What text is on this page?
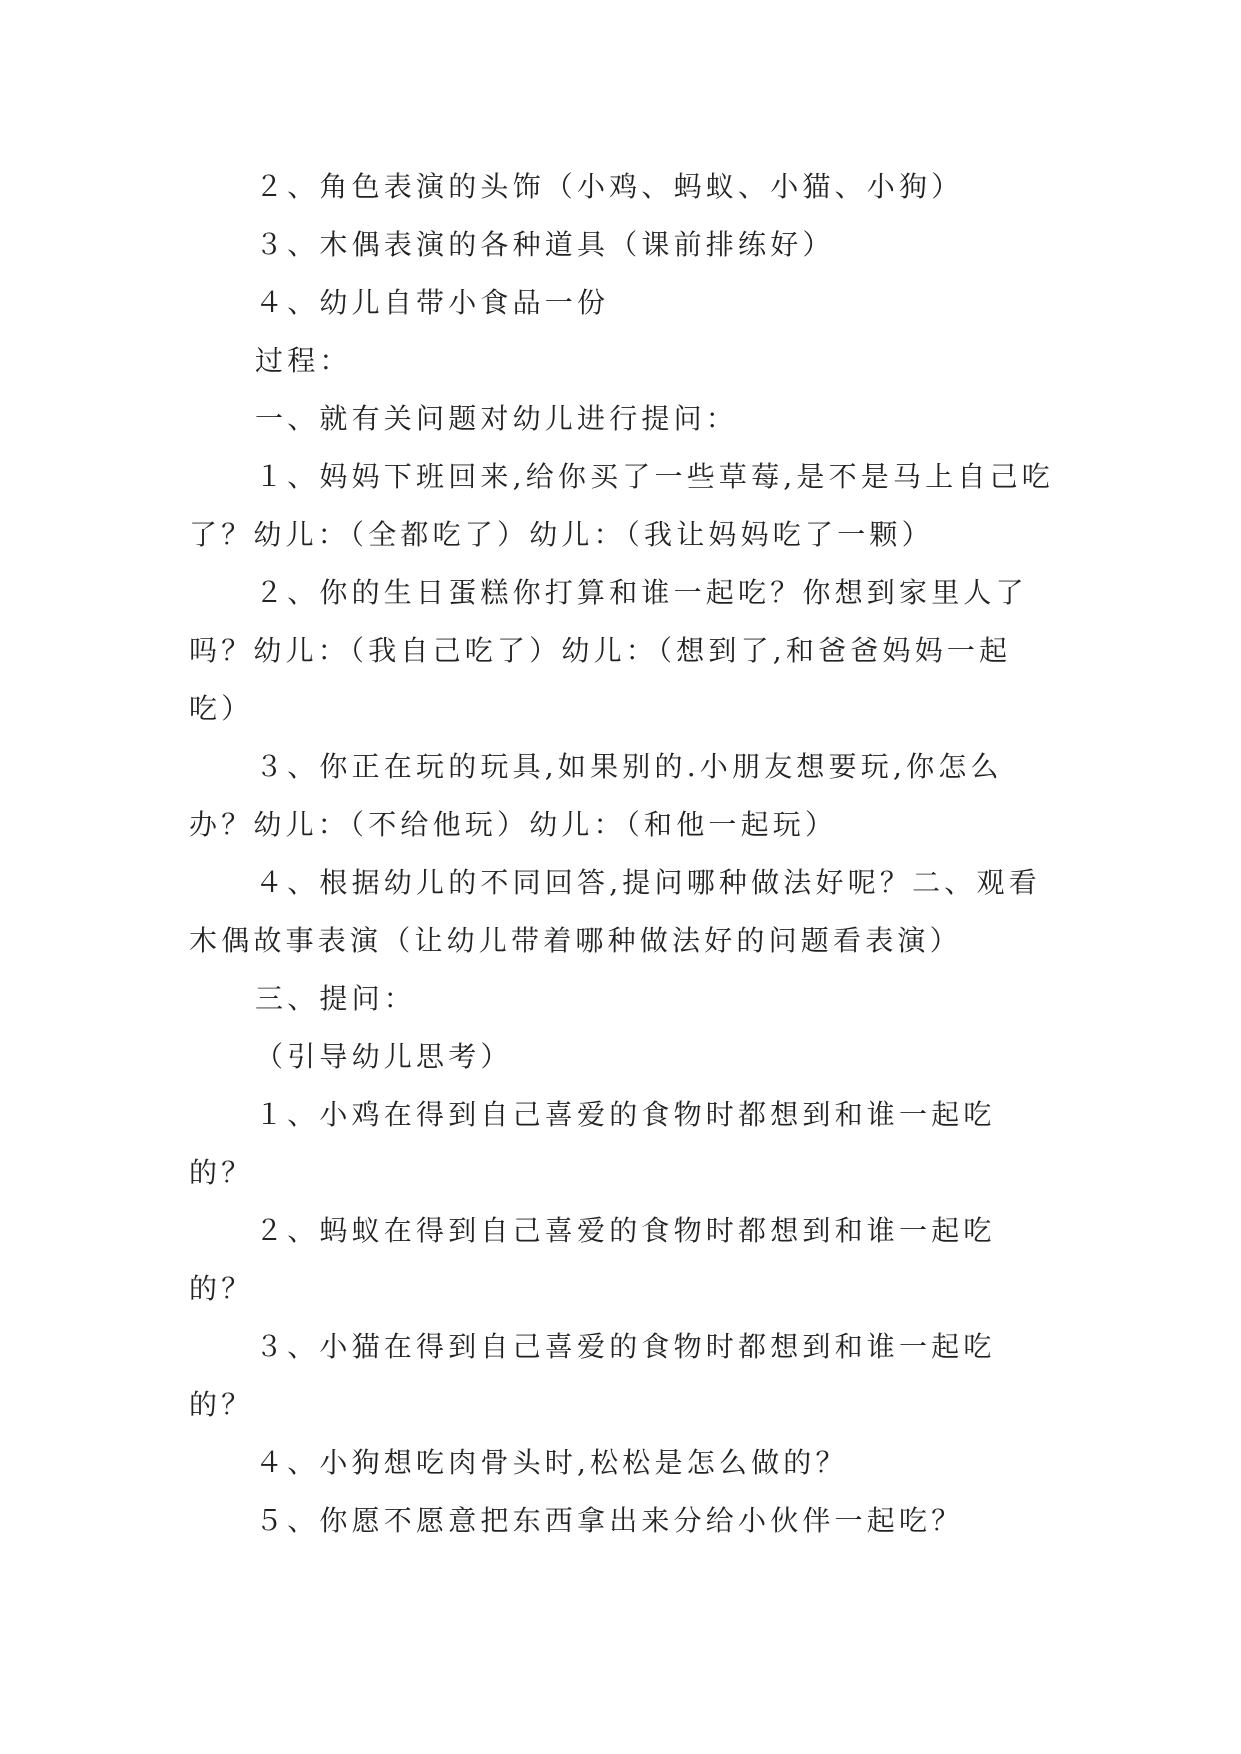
２、角色表演的头饰（小鸡、蚂蚁、小猫、小狗）

３、木偶表演的各种道具（课前排练好）

４、幼儿自带小食品一份

过程：

一、就有关问题对幼儿进行提问：

１、妈妈下班回来,给你买了一些草莓,是不是马上自己吃了？幼儿：（全都吃了）幼儿：（我让妈妈吃了一颗）

２、你的生日蛋糕你打算和谁一起吃？你想到家里人了吗？幼儿：（我自己吃了）幼儿：（想到了,和爸爸妈妈一起吃）

３、你正在玩的玩具,如果别的.小朋友想要玩,你怎么办？幼儿：（不给他玩）幼儿：（和他一起玩）

４、根据幼儿的不同回答,提问哪种做法好呢？二、观看木偶故事表演（让幼儿带着哪种做法好的问题看表演）

三、提问：

（引导幼儿思考）

１、小鸡在得到自己喜爱的食物时都想到和谁一起吃的？

２、蚂蚁在得到自己喜爱的食物时都想到和谁一起吃的？

３、小猫在得到自己喜爱的食物时都想到和谁一起吃的？

４、小狗想吃肉骨头时,松松是怎么做的？

５、你愿不愿意把东西拿出来分给小伙伴一起吃？
